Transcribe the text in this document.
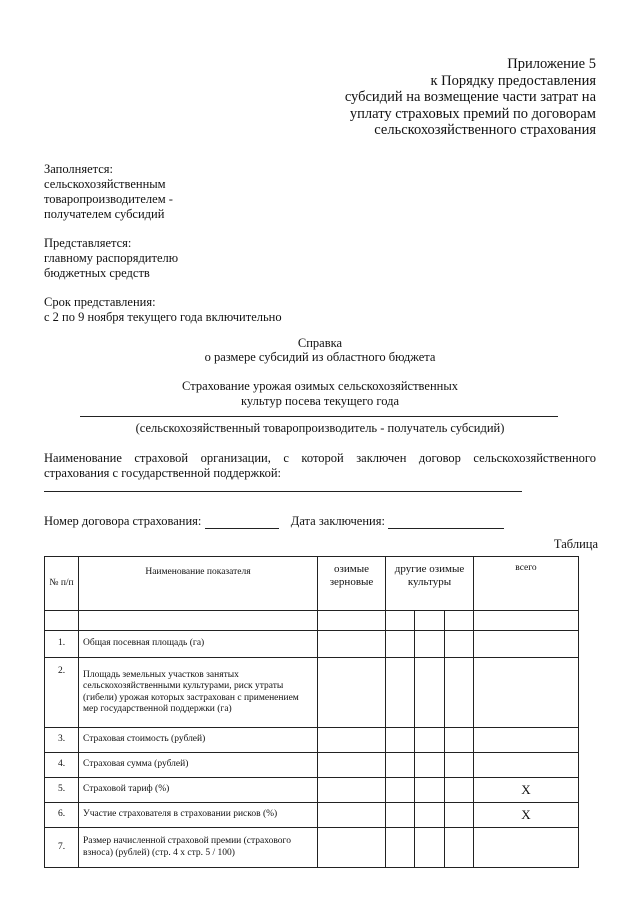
Приложение 5
к Порядку предоставления
субсидий на возмещение части затрат на
уплату страховых премий по договорам
сельскохозяйственного страхования
Заполняется:
сельскохозяйственным
товаропроизводителем -
получателем субсидий
Представляется:
главному распорядителю
бюджетных средств
Срок представления:
с 2 по 9 ноября текущего года включительно
Справка
о размере субсидий из областного бюджета
Страхование урожая озимых сельскохозяйственных
культур посева текущего года
(сельскохозяйственный товаропроизводитель - получатель субсидий)
Наименование страховой организации, с которой заключен договор сельскохозяйственного
страхования с государственной поддержкой:
Номер договора страхования:	Дата заключения:
Таблица
№ п/п	Наименование показателя	озимые зерновые	другие озимые культуры			всего

1.	Общая посевная площадь (га)					
2.	Площадь земельных участков занятых сельскохозяйственными культурами, риск утраты (гибели) урожая которых застрахован с применением мер государственной поддержки (га)					
3.	Страховая стоимость (рублей)					
4.	Страховая сумма (рублей)					
5.	Страховой тариф (%)					Х
6.	Участие страхователя в страховании рисков (%)					Х
7.	Размер начисленной страховой премии (страхового взноса) (рублей) (стр. 4 х стр. 5 / 100)					
